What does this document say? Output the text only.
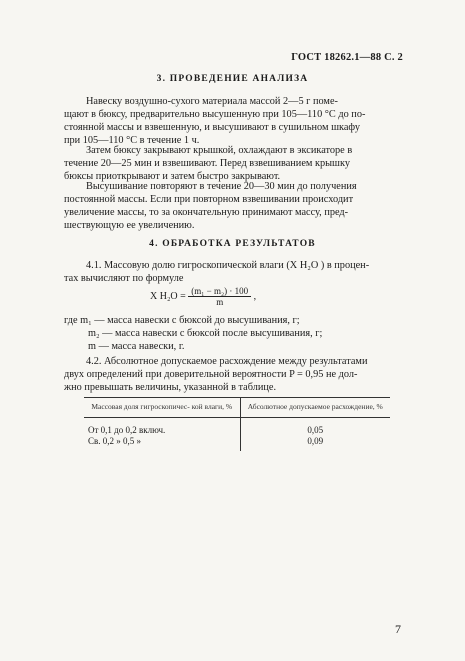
ГОСТ 18262.1—88 С. 2
3. ПРОВЕДЕНИЕ АНАЛИЗА
Навеску воздушно-сухого материала массой 2—5 г поме-
щают в бюксу, предварительно высушенную при 105—110 °С до по-
стоянной массы и взвешенную, и высушивают в сушильном шкафу
при 105—110 °С в течение 1 ч.
Затем бюксу закрывают крышкой, охлаждают в эксикаторе в
течение 20—25 мин и взвешивают. Перед взвешиванием крышку
бюксы приоткрывают и затем быстро закрывают.
Высушивание повторяют в течение 20—30 мин до получения
постоянной массы. Если при повторном взвешивании происходит
увеличение массы, то за окончательную принимают массу, пред-
шествующую ее увеличению.
4. ОБРАБОТКА РЕЗУЛЬТАТОВ
4.1. Массовую долю гигроскопической влаги (X H₂O ) в процен-
тах вычисляют по формуле
X $H_2O = \frac{\text{(m₁ − m₂) · 100}}{m}$ ,
где m₁ — масса навески с бюксой до высушивания, г;
m₂ — масса навески с бюксой после высушивания, г;
m — масса навески, г.
4.2. Абсолютное допускаемое расхождение между результатами
двух определений при доверительной вероятности P = 0,95 не дол-
жно превышать величины, указанной в таблице.
Массовая доля гигроскопичес- кой влаги, %	Абсолютное допускаемое расхождение, %
От 0,1 до 0,2 включ.	0,05
Св. 0,2 » 0,5 »	0,09
7
